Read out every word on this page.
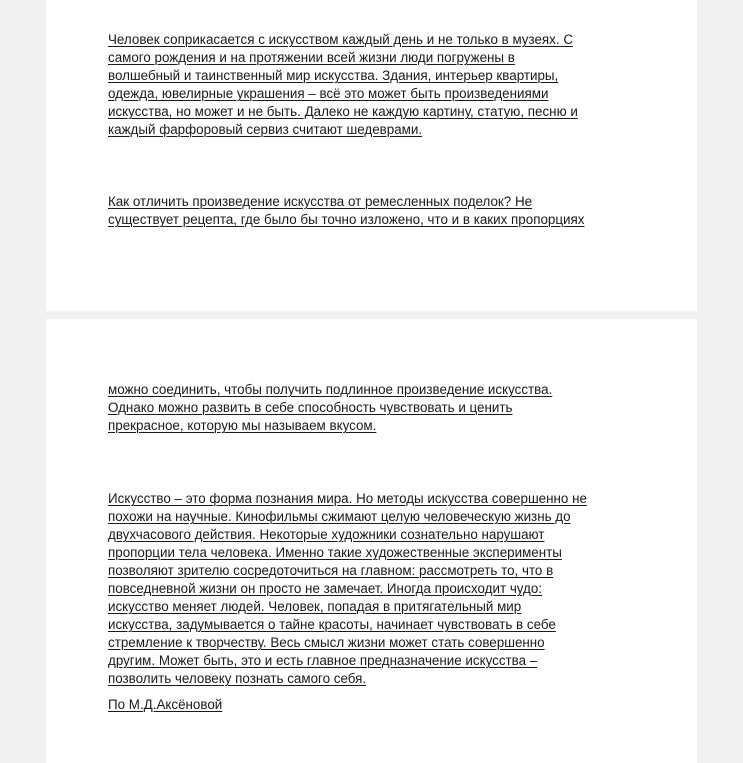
Человек соприкасается с искусством каждый день и не только в музеях. С
самого рождения и на протяжении всей жизни люди погружены в
волшебный и таинственный мир искусства. Здания, интерьер квартиры,
одежда, ювелирные украшения – всё это может быть произведениями
искусства, но может и не быть. Далеко не каждую картину, статую, песню и
каждый фарфоровый сервиз считают шедеврами.

Как отличить произведение искусства от ремесленных поделок? Не
существует рецепта, где было бы точно изложено, что и в каких пропорциях

можно соединить, чтобы получить подлинное произведение искусства.
Однако можно развить в себе способность чувствовать и ценить
прекрасное, которую мы называем вкусом.

Искусство – это форма познания мира. Но методы искусства совершенно не
похожи на научные. Кинофильмы сжимают целую человеческую жизнь до
двухчасового действия. Некоторые художники сознательно нарушают
пропорции тела человека. Именно такие художественные эксперименты
позволяют зрителю сосредоточиться на главном: рассмотреть то, что в
повседневной жизни он просто не замечает. Иногда происходит чудо:
искусство меняет людей. Человек, попадая в притягательный мир
искусства, задумывается о тайне красоты, начинает чувствовать в себе
стремление к творчеству. Весь смысл жизни может стать совершенно
другим. Может быть, это и есть главное предназначение искусства –
позволить человеку познать самого себя.

По М.Д.Аксёновой
